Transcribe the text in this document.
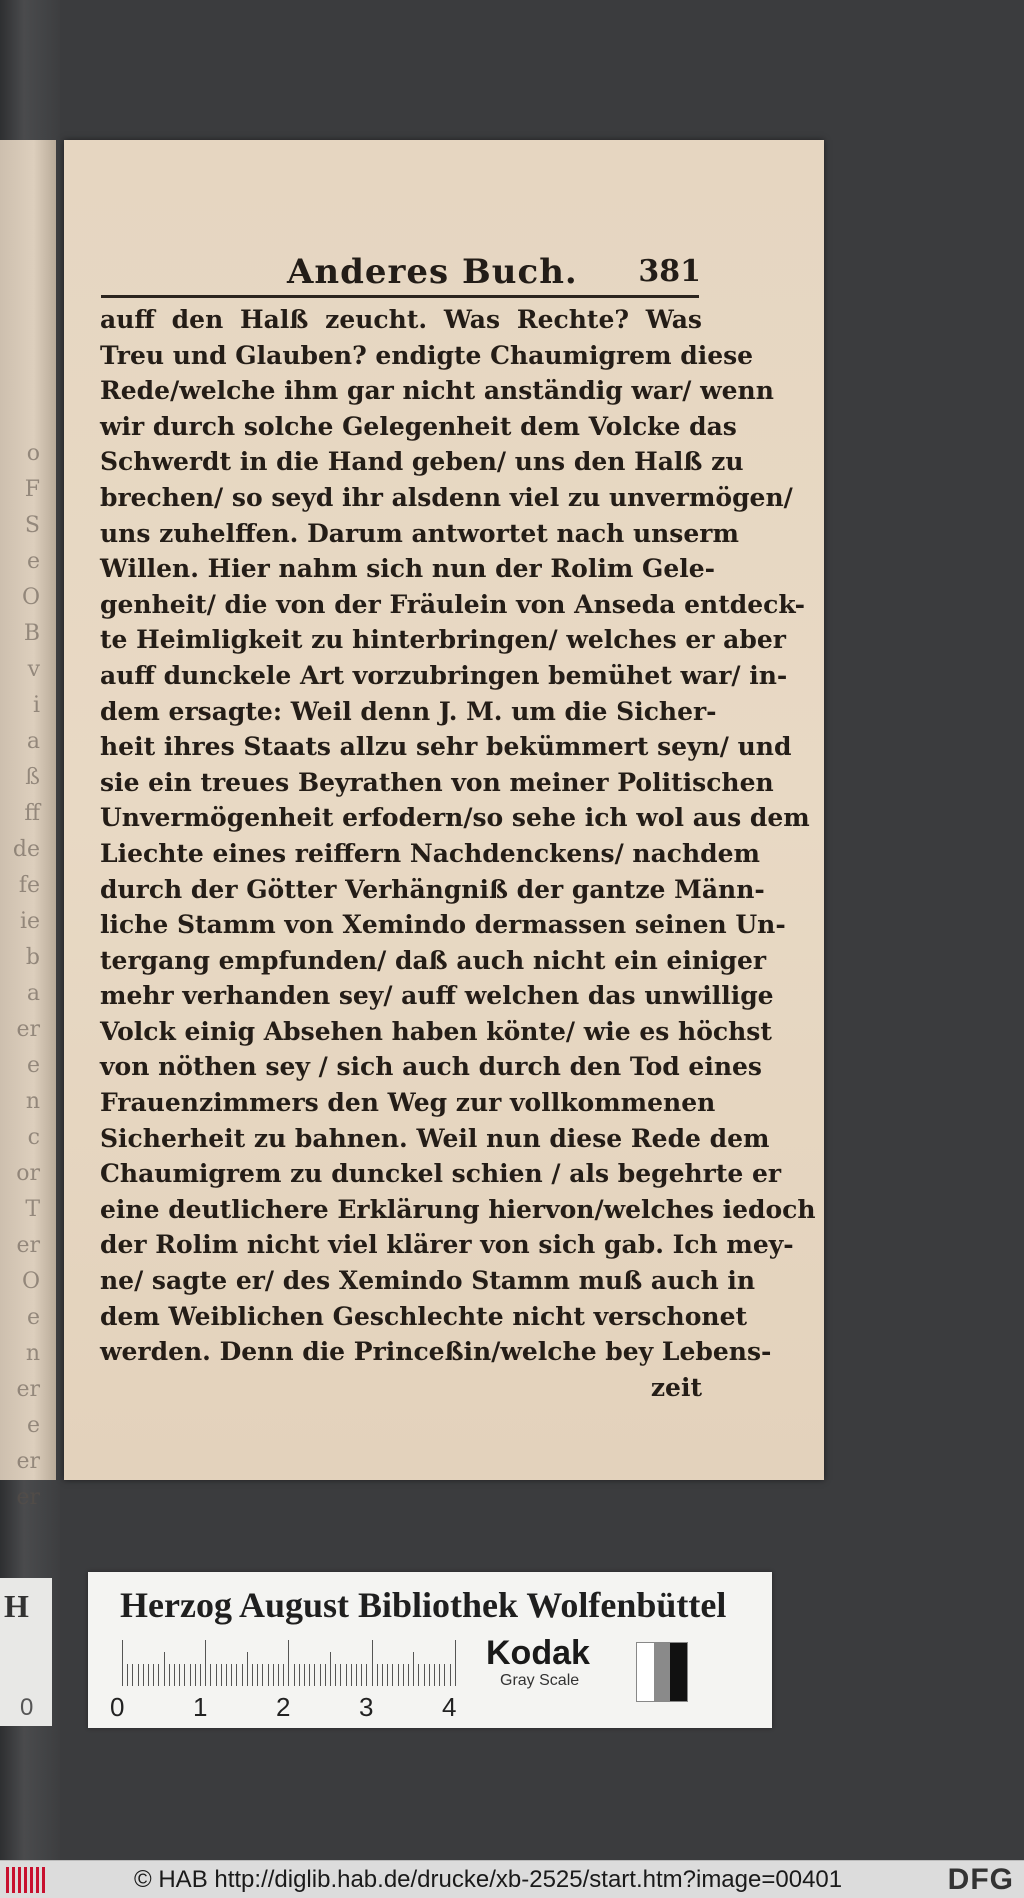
o
F
S
e
O
B
v
i
a
ß
ff
de
fe
ie
b
a
er
e
n
c
or
T
er
O
e
n
er
e
er
er
Anderes Buch. 381
auff den Halß zeucht. Was Rechte? Was
Treu und Glauben? endigte Chaumigrem diese
Rede/welche ihm gar nicht anständig war/ wenn
wir durch solche Gelegenheit dem Volcke das
Schwerdt in die Hand geben/ uns den Halß zu
brechen/ so seyd ihr alsdenn viel zu unvermögen/
uns zuhelffen. Darum antwortet nach unserm
Willen. Hier nahm sich nun der Rolim Gele-
genheit/ die von der Fräulein von Anseda entdeck-
te Heimligkeit zu hinterbringen/ welches er aber
auff dunckele Art vorzubringen bemühet war/ in-
dem ersagte: Weil denn J. M. um die Sicher-
heit ihres Staats allzu sehr bekümmert seyn/ und
sie ein treues Beyrathen von meiner Politischen
Unvermögenheit erfodern/so sehe ich wol aus dem
Liechte eines reiffern Nachdenckens/ nachdem
durch der Götter Verhängniß der gantze Männ-
liche Stamm von Xemindo dermassen seinen Un-
tergang empfunden/ daß auch nicht ein einiger
mehr verhanden sey/ auff welchen das unwillige
Volck einig Absehen haben könte/ wie es höchst
von nöthen sey / sich auch durch den Tod eines
Frauenzimmers den Weg zur vollkommenen
Sicherheit zu bahnen. Weil nun diese Rede dem
Chaumigrem zu dunckel schien / als begehrte er
eine deutlichere Erklärung hiervon/welches iedoch
der Rolim nicht viel klärer von sich gab. Ich mey-
ne/ sagte er/ des Xemindo Stamm muß auch in
dem Weiblichen Geschlechte nicht verschonet
werden. Denn die Princeßin/welche bey Lebens-
zeit
H
0
Herzog August Bibliothek Wolfenbüttel
0	1	2	3	4
Kodak
Gray Scale
© HAB http://diglib.hab.de/drucke/xb-2525/start.htm?image=00401	DFG
